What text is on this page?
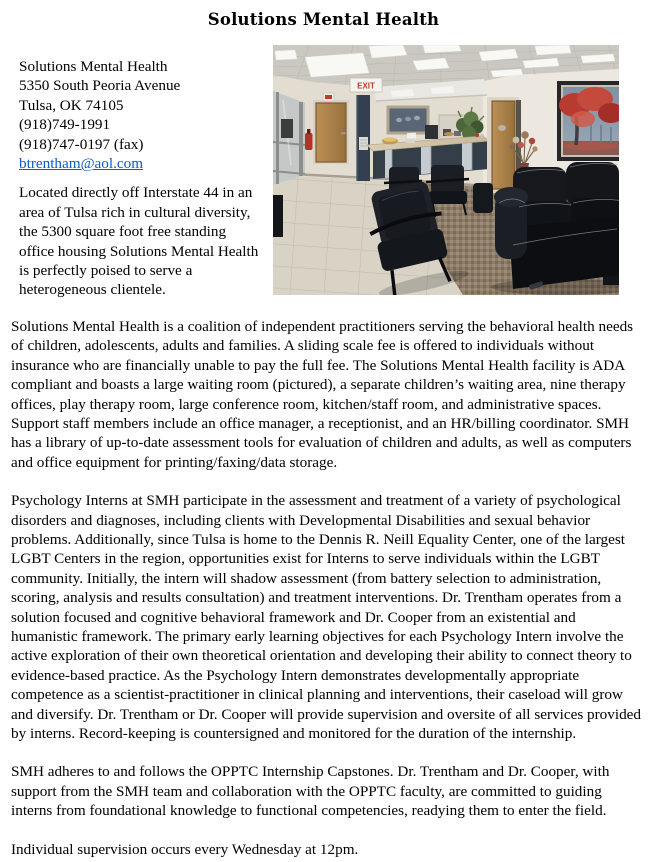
Solutions Mental Health
Solutions Mental Health
5350 South Peoria Avenue
Tulsa, OK 74105
(918)749-1991
(918)747-0197 (fax)
btrentham@aol.com

Located directly off Interstate 44 in an area of Tulsa rich in cultural diversity, the 5300 square foot free standing office housing Solutions Mental Health is perfectly poised to serve a heterogeneous clientele.

EXIT

Solutions Mental Health is a coalition of independent practitioners serving the behavioral health needs of children, adolescents, adults and families. A sliding scale fee is offered to individuals without insurance who are financially unable to pay the full fee. The Solutions Mental Health facility is ADA compliant and boasts a large waiting room (pictured), a separate children’s waiting area, nine therapy offices, play therapy room, large conference room, kitchen/staff room, and administrative spaces. Support staff members include an office manager, a receptionist, and an HR/billing coordinator. SMH has a library of up-to-date assessment tools for evaluation of children and adults, as well as computers and office equipment for printing/faxing/data storage.

Psychology Interns at SMH participate in the assessment and treatment of a variety of psychological disorders and diagnoses, including clients with Developmental Disabilities and sexual behavior problems. Additionally, since Tulsa is home to the Dennis R. Neill Equality Center, one of the largest LGBT Centers in the region, opportunities exist for Interns to serve individuals within the LGBT community. Initially, the intern will shadow assessment (from battery selection to administration, scoring, analysis and results consultation) and treatment interventions. Dr. Trentham operates from a solution focused and cognitive behavioral framework and Dr. Cooper from an existential and humanistic framework. The primary early learning objectives for each Psychology Intern involve the active exploration of their own theoretical orientation and developing their ability to connect theory to evidence-based practice. As the Psychology Intern demonstrates developmentally appropriate competence as a scientist-practitioner in clinical planning and interventions, their caseload will grow and diversify. Dr. Trentham or Dr. Cooper will provide supervision and oversite of all services provided by interns. Record-keeping is countersigned and monitored for the duration of the internship.

SMH adheres to and follows the OPPTC Internship Capstones. Dr. Trentham and Dr. Cooper, with support from the SMH team and collaboration with the OPPTC faculty, are committed to guiding interns from foundational knowledge to functional competencies, readying them to enter the field.

Individual supervision occurs every Wednesday at 12pm.
